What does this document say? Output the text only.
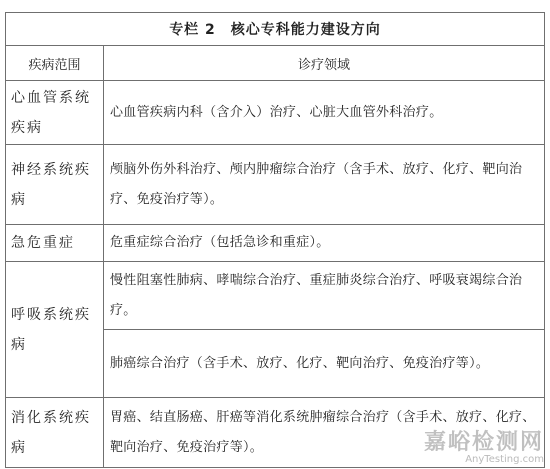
专栏 2　核心专科能力建设方向	
疾病范围	诊疗领域
心血管系统疾病	心血管疾病内科（含介入）治疗、心脏大血管外科治疗。
神经系统疾病	颅脑外伤外科治疗、颅内肿瘤综合治疗（含手术、放疗、化疗、靶向治疗、免疫治疗等）。
急危重症	危重症综合治疗（包括急诊和重症）。
呼吸系统疾病	慢性阻塞性肺病、哮喘综合治疗、重症肺炎综合治疗、呼吸衰竭综合治疗。
	肺癌综合治疗（含手术、放疗、化疗、靶向治疗、免疫治疗等）。
消化系统疾病	胃癌、结直肠癌、肝癌等消化系统肿瘤综合治疗（含手术、放疗、化疗、靶向治疗、免疫治疗等）。	嘉峪检测网
AnyTesting.com
